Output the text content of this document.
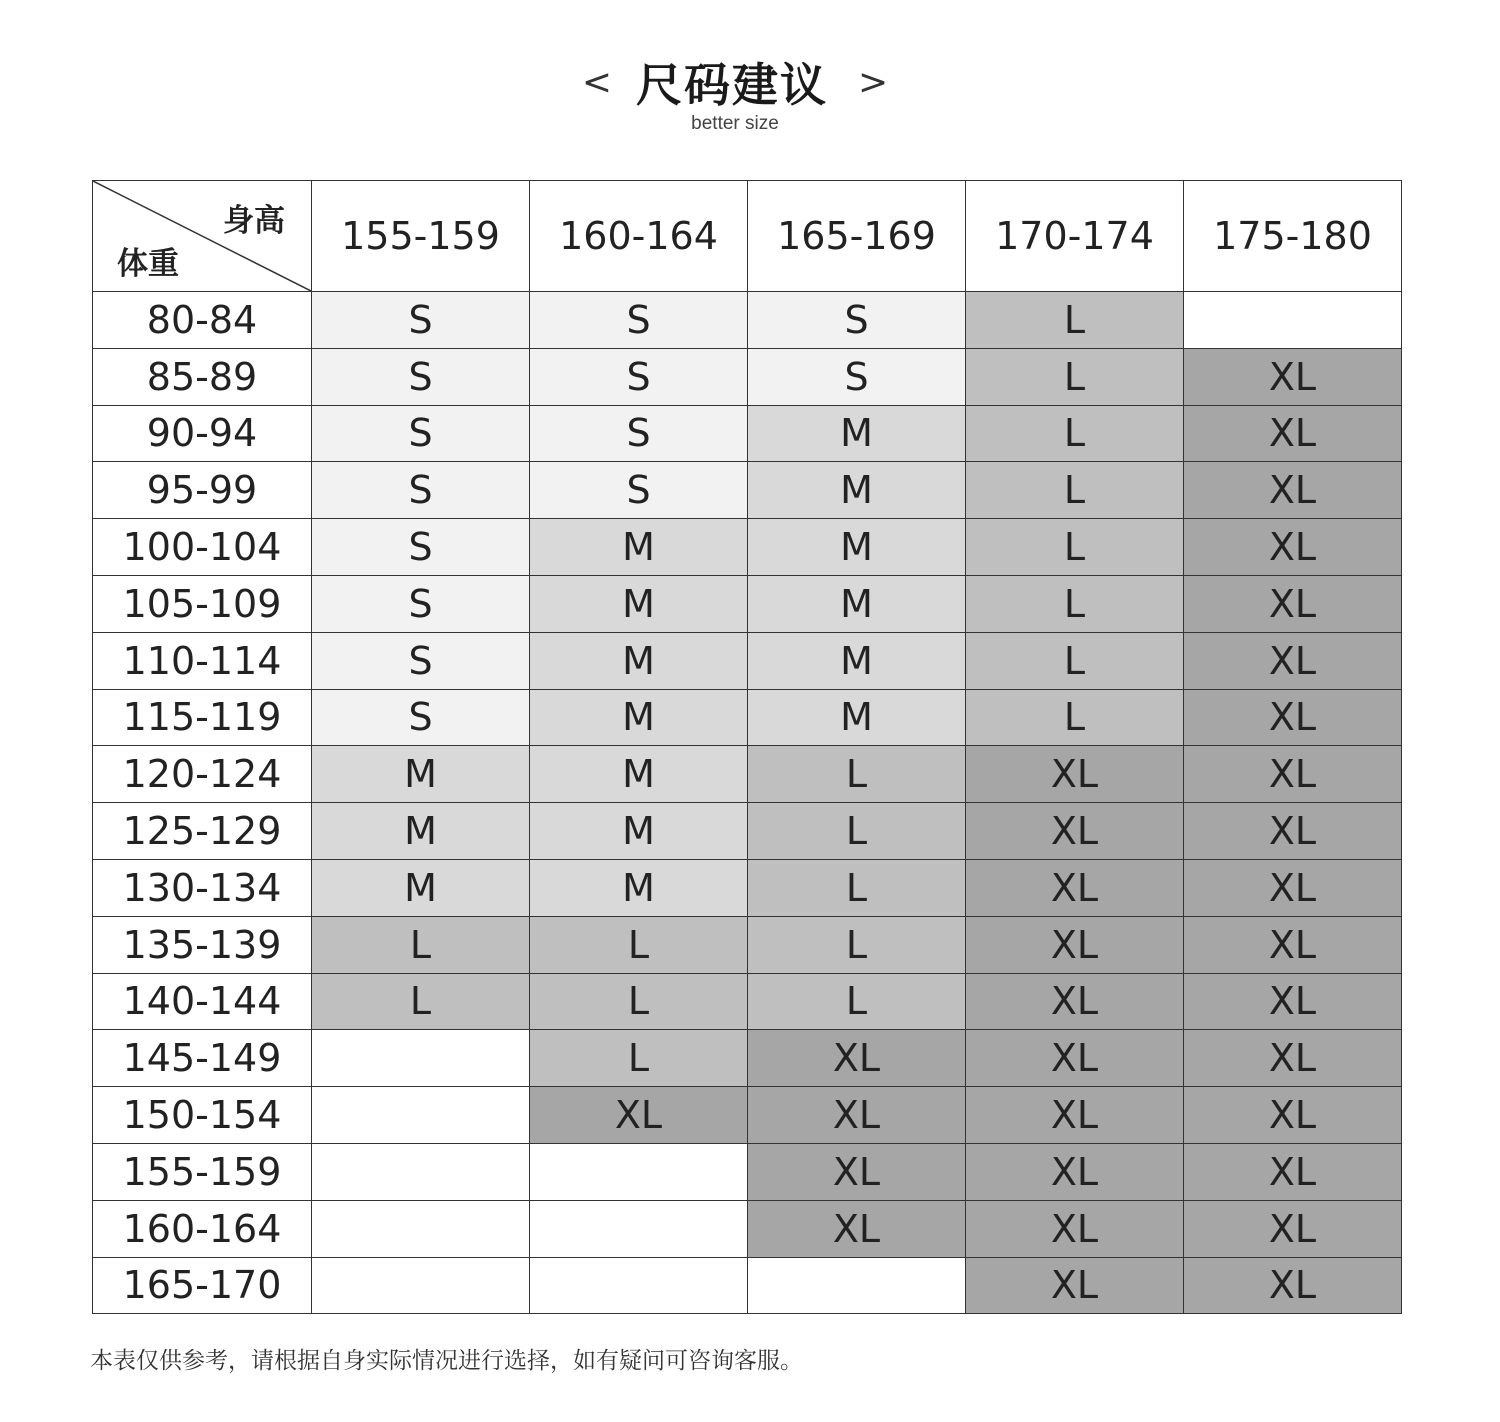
< 尺码建议 >
better size
身高
体重	155-159	160-164	165-169	170-174	175-180
80-84	S	S	S	L	
85-89	S	S	S	L	XL
90-94	S	S	M	L	XL
95-99	S	S	M	L	XL
100-104	S	M	M	L	XL
105-109	S	M	M	L	XL
110-114	S	M	M	L	XL
115-119	S	M	M	L	XL
120-124	M	M	L	XL	XL
125-129	M	M	L	XL	XL
130-134	M	M	L	XL	XL
135-139	L	L	L	XL	XL
140-144	L	L	L	XL	XL
145-149		L	XL	XL	XL
150-154		XL	XL	XL	XL
155-159			XL	XL	XL
160-164			XL	XL	XL
165-170				XL	XL
本表仅供参考，请根据自身实际情况进行选择，如有疑问可咨询客服。
